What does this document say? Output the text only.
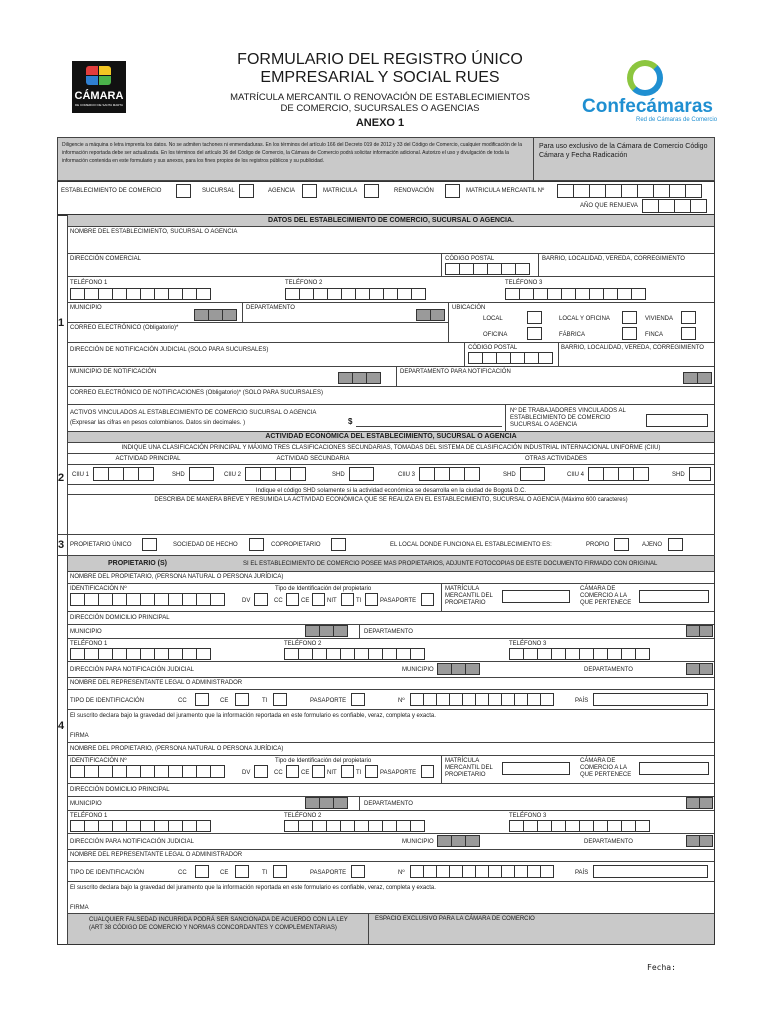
CÁMARA
DE COMERCIO DE SANTA MARTA
FORMULARIO DEL REGISTRO ÚNICO
EMPRESARIAL Y SOCIAL RUES
MATRÍCULA MERCANTIL O RENOVACIÓN DE ESTABLECIMIENTOS
DE COMERCIO, SUCURSALES O AGENCIAS
ANEXO 1
Confecámaras
Red de Cámaras de Comercio
Diligencie a máquina o letra imprenta los datos. No se admiten tachones ni enmendaduras. En los términos del artículo 166 del Decreto 019 de 2012 y 33 del Código de Comercio, cualquier modificación de la información reportada debe ser actualizada. En los términos del artículo 36 del Código de Comercio, la Cámara de Comercio podrá solicitar información adicional. Autorizo el uso y divulgación de toda la información contenida en este formulario y sus anexos, para los fines propios de los registros públicos y su publicidad.
Para uso exclusivo de la Cámara de Comercio Código Cámara y Fecha Radicación
ESTABLECIMIENTO DE COMERCIO	SUCURSAL	AGENCIA	MATRICULA	RENOVACIÓN	MATRICULA MERCANTIL Nº
AÑO QUE RENUEVA
1
2
3
4
DATOS DEL ESTABLECIMIENTO DE COMERCIO, SUCURSAL O AGENCIA.
NOMBRE DEL ESTABLECIMIENTO, SUCURSAL O AGENCIA
DIRECCIÓN COMERCIAL	CÓDIGO POSTAL	BARRIO, LOCALIDAD, VEREDA, CORREGIMIENTO
TELÉFONO 1	TELÉFONO 2	TELÉFONO 3
MUNICIPIO	DEPARTAMENTO	UBICACIÓN
LOCAL	LOCAL Y OFICINA	VIVIENDA
OFICINA	FÁBRICA	FINCA
CORREO ELECTRÓNICO (Obligatorio)*
DIRECCIÓN DE NOTIFICACIÓN JUDICIAL (SOLO PARA SUCURSALES)	CÓDIGO POSTAL	BARRIO, LOCALIDAD, VEREDA, CORREGIMIENTO
MUNICIPIO DE NOTIFICACIÓN	DEPARTAMENTO PARA NOTIFICACIÓN
CORREO ELECTRÓNICO DE NOTIFICACIONES (Obligatorio)* (SOLO PARA SUCURSALES)
ACTIVOS VINCULADOS AL ESTABLECIMIENTO DE COMERCIO SUCURSAL O AGENCIA
(Expresar las cifras en pesos colombianos. Datos sin decimales. )	$
Nº DE TRABAJADORES VINCULADOS AL ESTABLECIMIENTO DE COMERCIO SUCURSAL O AGENCIA
ACTIVIDAD ECONÓMICA DEL ESTABLECIMIENTO, SUCURSAL O AGENCIA
INDIQUE UNA CLASIFICACIÓN PRINCIPAL Y MÁXIMO TRES CLASIFICACIONES SECUNDARIAS, TOMADAS DEL SISTEMA DE CLASIFICACIÓN INDUSTRIAL INTERNACIONAL UNIFORME (CIIU)
ACTIVIDAD PRINCIPAL	ACTIVIDAD SECUNDARIA	OTRAS ACTIVIDADES
CIIU 1	SHD	CIIU 2	SHD	CIIU 3	SHD	CIIU 4	SHD
Indique el código SHD solamente si la actividad económica se desarrolla en la ciudad de Bogotá D.C.
DESCRIBA DE MANERA BREVE Y RESUMIDA LA ACTIVIDAD ECONÓMICA QUE SE REALIZA EN EL ESTABLECIMIENTO, SUCURSAL O AGENCIA (Máximo 600 caracteres)
PROPIETARIO ÚNICO	SOCIEDAD DE HECHO	COPROPIETARIO	EL LOCAL DONDE FUNCIONA EL ESTABLECIMIENTO ES:	PROPIO	AJENO
PROPIETARIO (S)	SI EL ESTABLECIMIENTO DE COMERCIO POSEE MAS PROPIETARIOS, ADJUNTE FOTOCOPIAS DE ESTE DOCUMENTO FIRMADO CON ORIGINAL
NOMBRE DEL PROPIETARIO, (PERSONA NATURAL O PERSONA JURÍDICA)
IDENTIFICACIÓN Nº
DV
Tipo de Identificación del propietario
CC	CE	NIT	TI	PASAPORTE
MATRÍCULA MERCANTIL DEL PROPIETARIO
CÁMARA DE COMERCIO A LA QUE PERTENECE
DIRECCIÓN DOMICILIO PRINCIPAL
MUNICIPIO	DEPARTAMENTO
TELÉFONO 1	TELÉFONO 2	TELÉFONO 3
DIRECCIÓN PARA NOTIFICACIÓN JUDICIAL	MUNICIPIO	DEPARTAMENTO
NOMBRE DEL REPRESENTANTE LEGAL O ADMINISTRADOR
TIPO DE IDENTIFICACIÓN	CC	CE	TI	PASAPORTE	Nº	PAÍS
El suscrito declara bajo la gravedad del juramento que la información reportada en este formulario es confiable, veraz, completa y exacta.
FIRMA
NOMBRE DEL PROPIETARIO, (PERSONA NATURAL O PERSONA JURÍDICA)
IDENTIFICACIÓN Nº
DV
Tipo de Identificación del propietario
CC	CE	NIT	TI	PASAPORTE
MATRÍCULA MERCANTIL DEL PROPIETARIO
CÁMARA DE COMERCIO A LA QUE PERTENECE
DIRECCIÓN DOMICILIO PRINCIPAL
MUNICIPIO	DEPARTAMENTO
TELÉFONO 1	TELÉFONO 2	TELÉFONO 3
DIRECCIÓN PARA NOTIFICACIÓN JUDICIAL	MUNICIPIO	DEPARTAMENTO
NOMBRE DEL REPRESENTANTE LEGAL O ADMINISTRADOR
TIPO DE IDENTIFICACIÓN	CC	CE	TI	PASAPORTE	Nº	PAÍS
El suscrito declara bajo la gravedad del juramento que la información reportada en este formulario es confiable, veraz, completa y exacta.
FIRMA
CUALQUIER FALSEDAD INCURRIDA PODRÁ SER SANCIONADA DE ACUERDO CON LA LEY (ART 38 CÓDIGO DE COMERCIO Y NORMAS CONCORDANTES Y COMPLEMENTARIAS)
ESPACIO EXCLUSIVO PARA LA CÁMARA DE COMERCIO
Fecha:
